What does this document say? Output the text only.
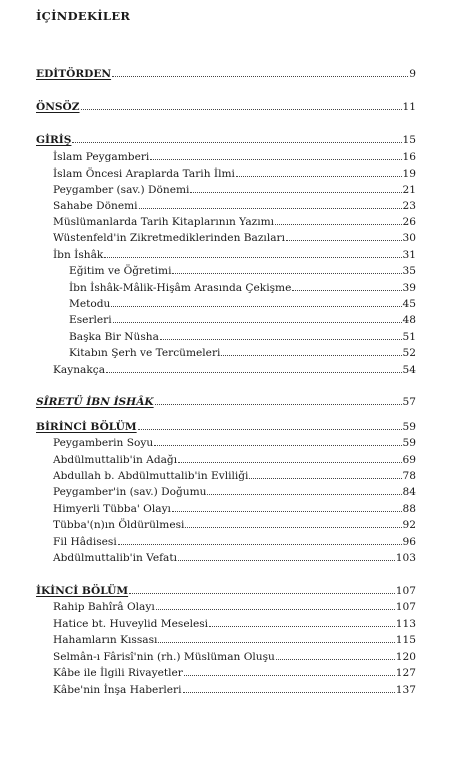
İÇİNDEKİLER
EDİTÖRDEN	9
ÖNSÖZ	11
GİRİŞ	15
İslam Peygamberi	16
İslam Öncesi Araplarda Tarih İlmi	19
Peygamber (sav.) Dönemi	21
Sahabe Dönemi	23
Müslümanlarda Tarih Kitaplarının Yazımı	26
Wüstenfeld'in Zikretmediklerinden Bazıları	30
İbn İshâk	31
Eğitim ve Öğretimi	35
İbn İshâk-Mâlik-Hişâm Arasında Çekişme	39
Metodu	45
Eserleri	48
Başka Bir Nüsha	51
Kitabın Şerh ve Tercümeleri	52
Kaynakça	54
SÎRETÜ İBN İSHÂK	57
BİRİNCİ BÖLÜM	59
Peygamberin Soyu	59
Abdülmuttalib'in Adağı	69
Abdullah b. Abdülmuttalib'in Evliliği	78
Peygamber'in (sav.) Doğumu	84
Himyerli Tübba' Olayı	88
Tübba'(n)ın Öldürülmesi	92
Fil Hâdisesi	96
Abdülmuttalib'in Vefatı	103
İKİNCİ BÖLÜM	107
Rahip Bahîrâ Olayı	107
Hatice bt. Huveylid Meselesi	113
Hahamların Kıssası	115
Selmân-ı Fârisî'nin (rh.) Müslüman Oluşu	120
Kâbe ile İlgili Rivayetler	127
Kâbe'nin İnşa Haberleri	137
